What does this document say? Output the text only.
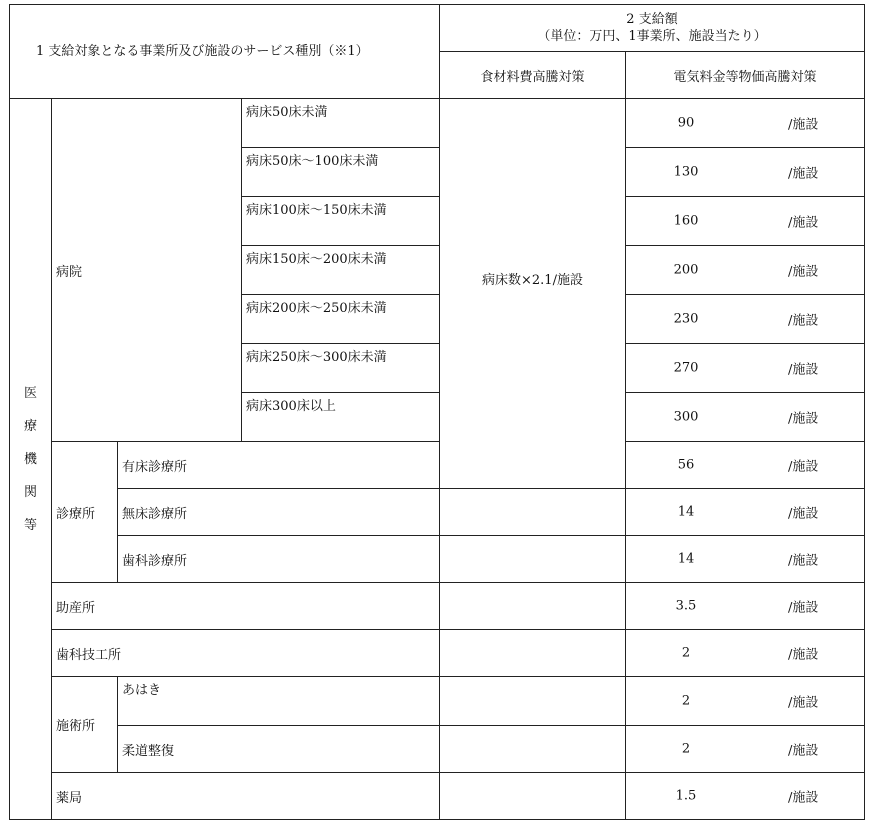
1 支給対象となる事業所及び施設のサービス種別（※1）				2 支給額
（単位：万円、1事業所、施設当たり）	

				食材料費高騰対策	電気料金等物価高騰対策

医
療
機
関
等	病院		病床50床未満	病床数×2.1/施設	90 /施設

			病床50床～100床未満		130 /施設

			病床100床～150床未満		160 /施設

			病床150床～200床未満		200 /施設

			病床200床～250床未満		230 /施設

			病床250床～300床未満		270 /施設

			病床300床以上		300 /施設

	診療所	有床診療所			56 /施設

		無床診療所			14 /施設

		歯科診療所			14 /施設

	助産所				3.5 /施設

	歯科技工所				2 /施設

	施術所	あはき			2 /施設

		柔道整復			2 /施設

	薬局				1.5 /施設
